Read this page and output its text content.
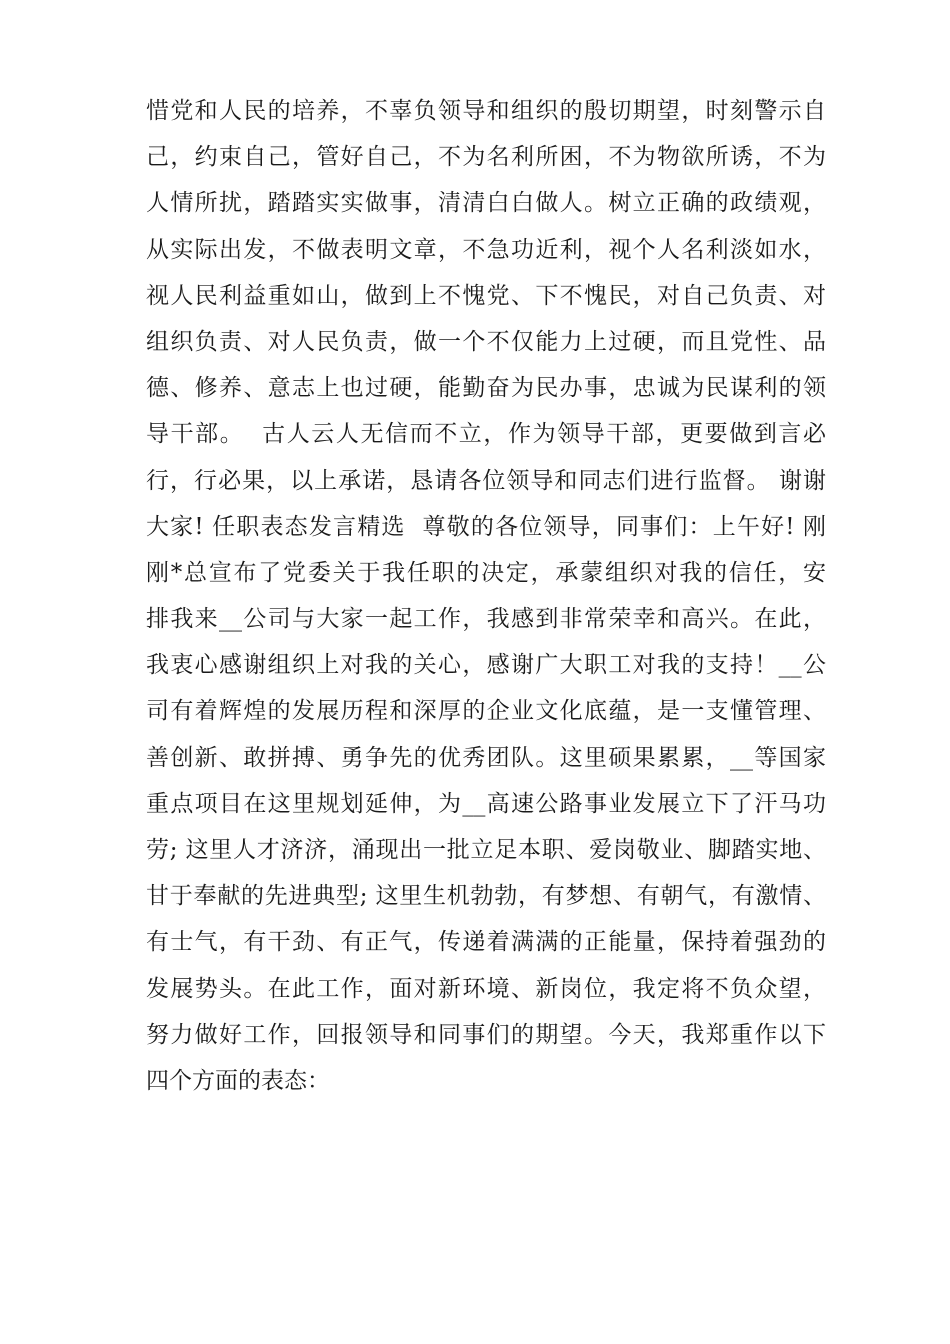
惜党和人民的培养，不辜负领导和组织的殷切期望，时刻警示自
己，约束自己，管好自己，不为名利所困，不为物欲所诱，不为
人情所扰，踏踏实实做事，清清白白做人。树立正确的政绩观，
从实际出发，不做表明文章，不急功近利，视个人名利淡如水，
视人民利益重如山，做到上不愧党、下不愧民，对自己负责、对
组织负责、对人民负责，做一个不仅能力上过硬，而且党性、品
德、修养、意志上也过硬，能勤奋为民办事，忠诚为民谋利的领
导干部。  古人云人无信而不立，作为领导干部，更要做到言必
行，行必果，以上承诺，恳请各位领导和同志们进行监督。 谢谢
大家! 任职表态发言精选  尊敬的各位领导，同事们：上午好! 刚
刚*总宣布了党委关于我任职的决定，承蒙组织对我的信任，安
排我来__公司与大家一起工作，我感到非常荣幸和高兴。在此，
我衷心感谢组织上对我的关心，感谢广大职工对我的支持！__公
司有着辉煌的发展历程和深厚的企业文化底蕴，是一支懂管理、
善创新、敢拼搏、勇争先的优秀团队。这里硕果累累，__等国家
重点项目在这里规划延伸，为__高速公路事业发展立下了汗马功
劳; 这里人才济济，涌现出一批立足本职、爱岗敬业、脚踏实地、
甘于奉献的先进典型; 这里生机勃勃，有梦想、有朝气，有激情、
有士气，有干劲、有正气，传递着满满的正能量，保持着强劲的
发展势头。在此工作，面对新环境、新岗位，我定将不负众望，
努力做好工作，回报领导和同事们的期望。今天，我郑重作以下
四个方面的表态：
